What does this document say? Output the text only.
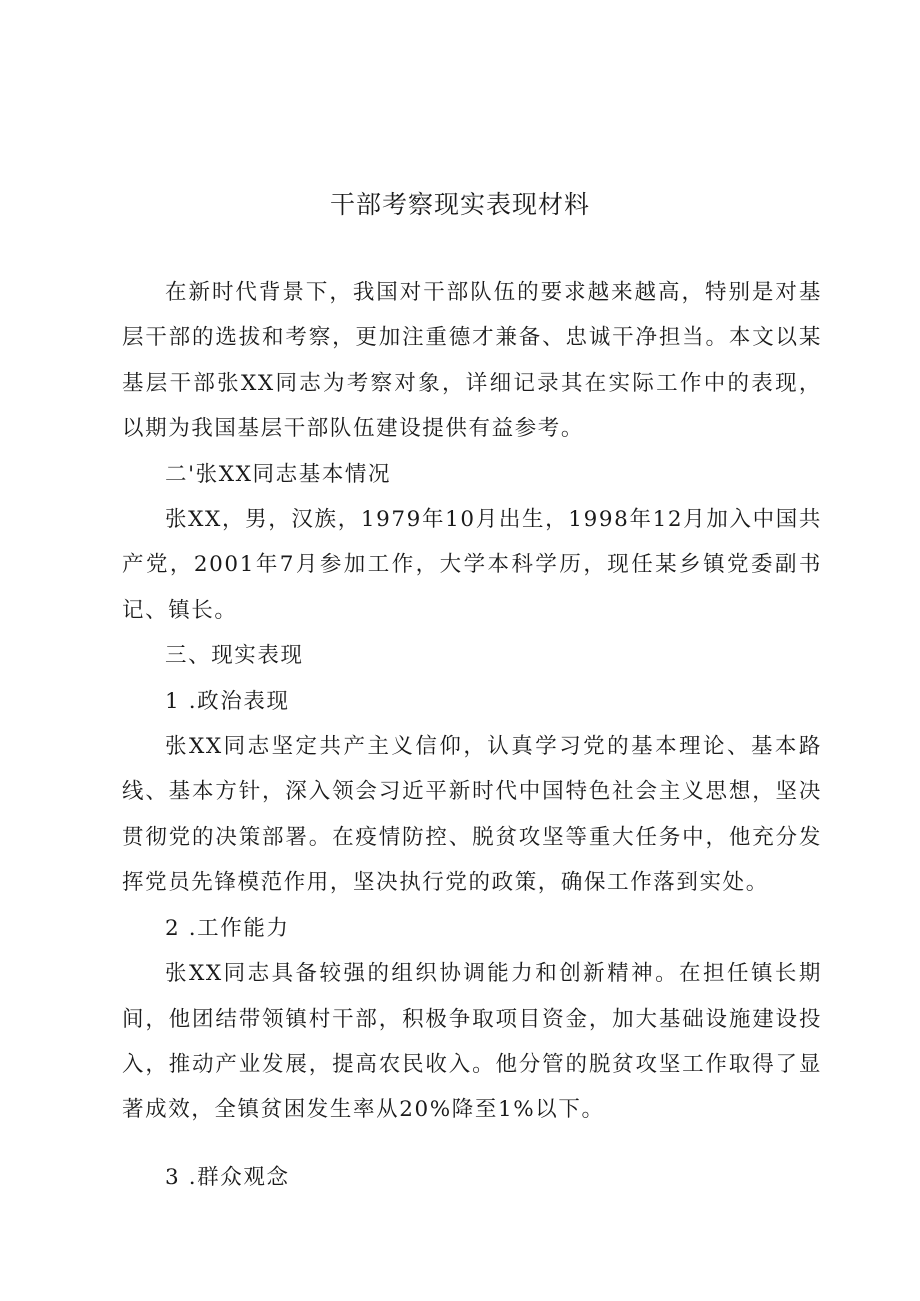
干部考察现实表现材料

在新时代背景下，我国对干部队伍的要求越来越高，特别是对基层干部的选拔和考察，更加注重德才兼备、忠诚干净担当。本文以某基层干部张XX同志为考察对象，详细记录其在实际工作中的表现，以期为我国基层干部队伍建设提供有益参考。

二'张XX同志基本情况

张XX，男，汉族，1979年10月出生，1998年12月加入中国共产党，2001年7月参加工作，大学本科学历，现任某乡镇党委副书记、镇长。

三、现实表现

1 .政治表现

张XX同志坚定共产主义信仰，认真学习党的基本理论、基本路线、基本方针，深入领会习近平新时代中国特色社会主义思想，坚决贯彻党的决策部署。在疫情防控、脱贫攻坚等重大任务中，他充分发挥党员先锋模范作用，坚决执行党的政策，确保工作落到实处。

2 .工作能力

张XX同志具备较强的组织协调能力和创新精神。在担任镇长期间，他团结带领镇村干部，积极争取项目资金，加大基础设施建设投入，推动产业发展，提高农民收入。他分管的脱贫攻坚工作取得了显著成效，全镇贫困发生率从20%降至1%以下。

3 .群众观念
